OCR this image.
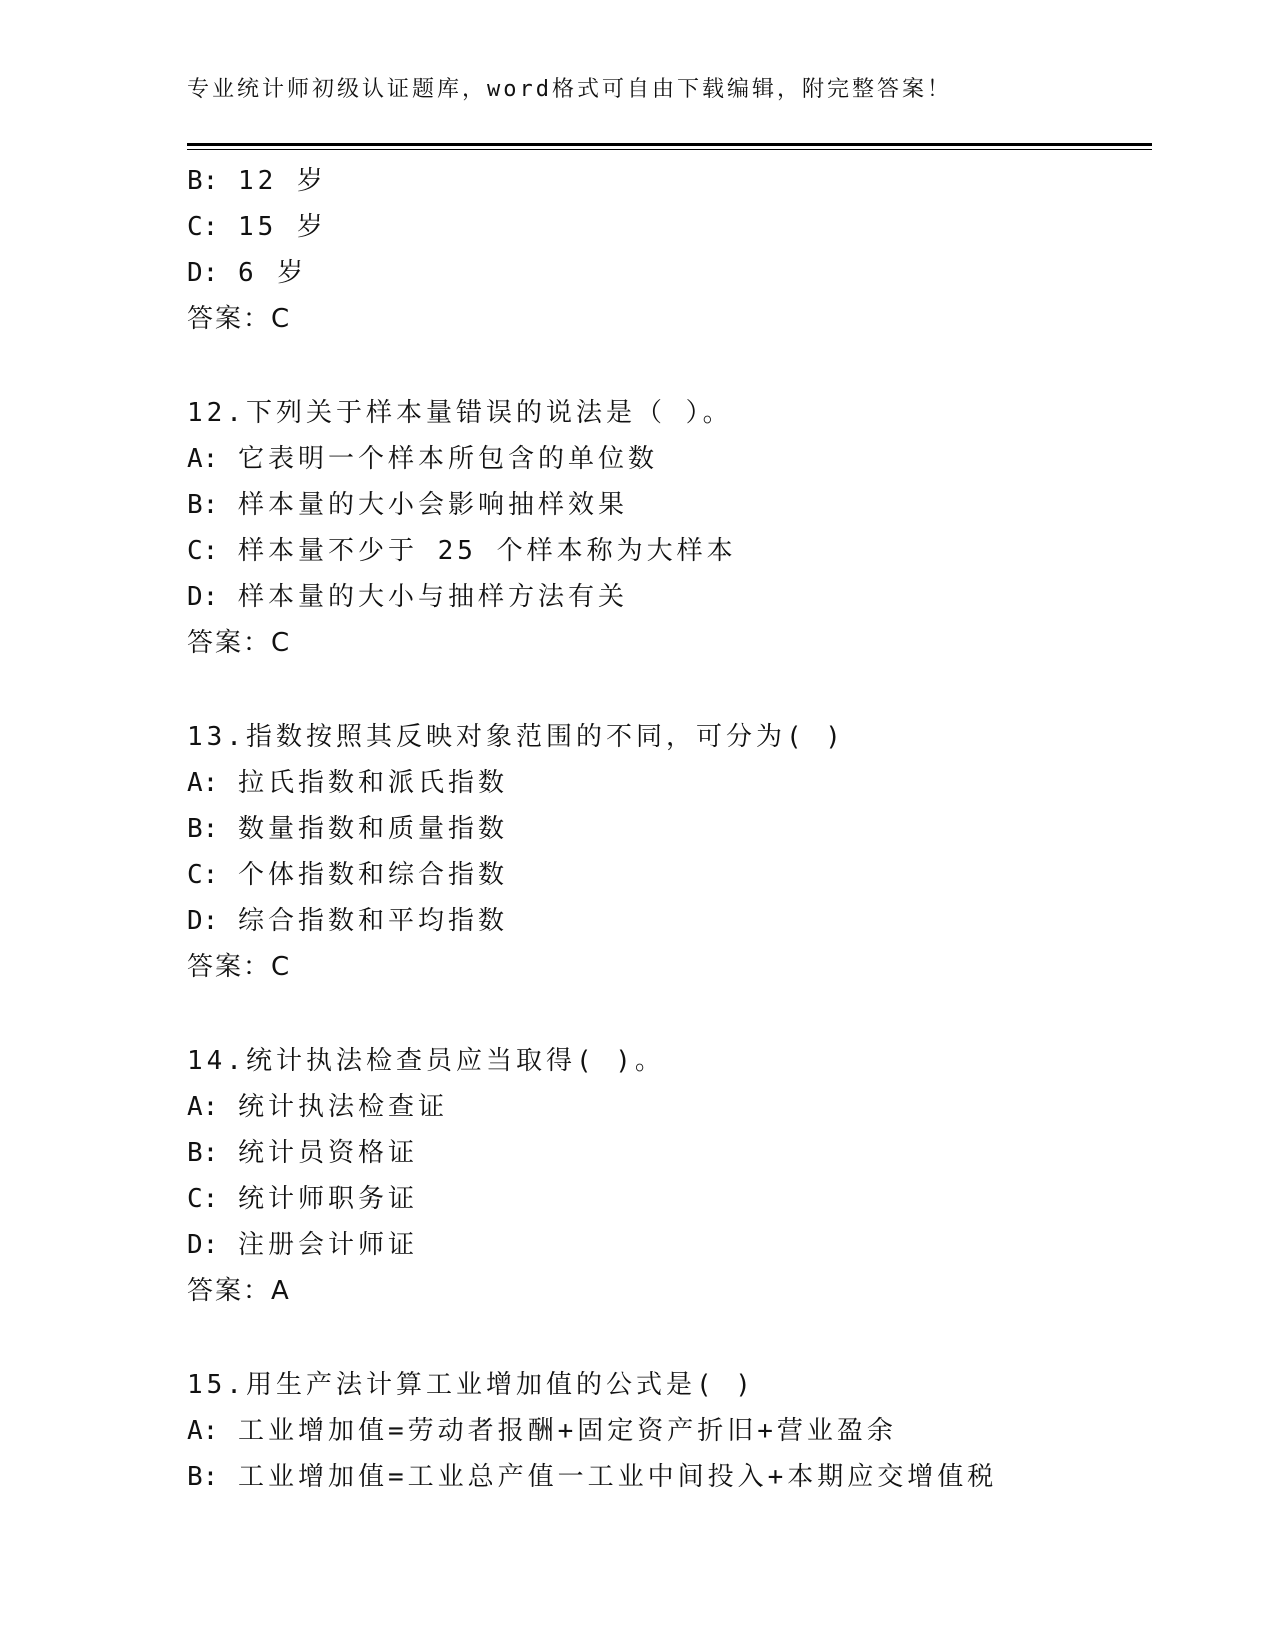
专业统计师初级认证题库，word格式可自由下载编辑，附完整答案！
B: 12 岁
C: 15 岁
D: 6 岁
答案：C
12.下列关于样本量错误的说法是（ ）。
A: 它表明一个样本所包含的单位数
B: 样本量的大小会影响抽样效果
C: 样本量不少于 25 个样本称为大样本
D: 样本量的大小与抽样方法有关
答案：C
13.指数按照其反映对象范围的不同，可分为( )
A: 拉氏指数和派氏指数
B: 数量指数和质量指数
C: 个体指数和综合指数
D: 综合指数和平均指数
答案：C
14.统计执法检查员应当取得( )。
A: 统计执法检查证
B: 统计员资格证
C: 统计师职务证
D: 注册会计师证
答案：A
15.用生产法计算工业增加值的公式是( )
A: 工业增加值=劳动者报酬+固定资产折旧+营业盈余
B: 工业增加值=工业总产值一工业中间投入+本期应交增值税
